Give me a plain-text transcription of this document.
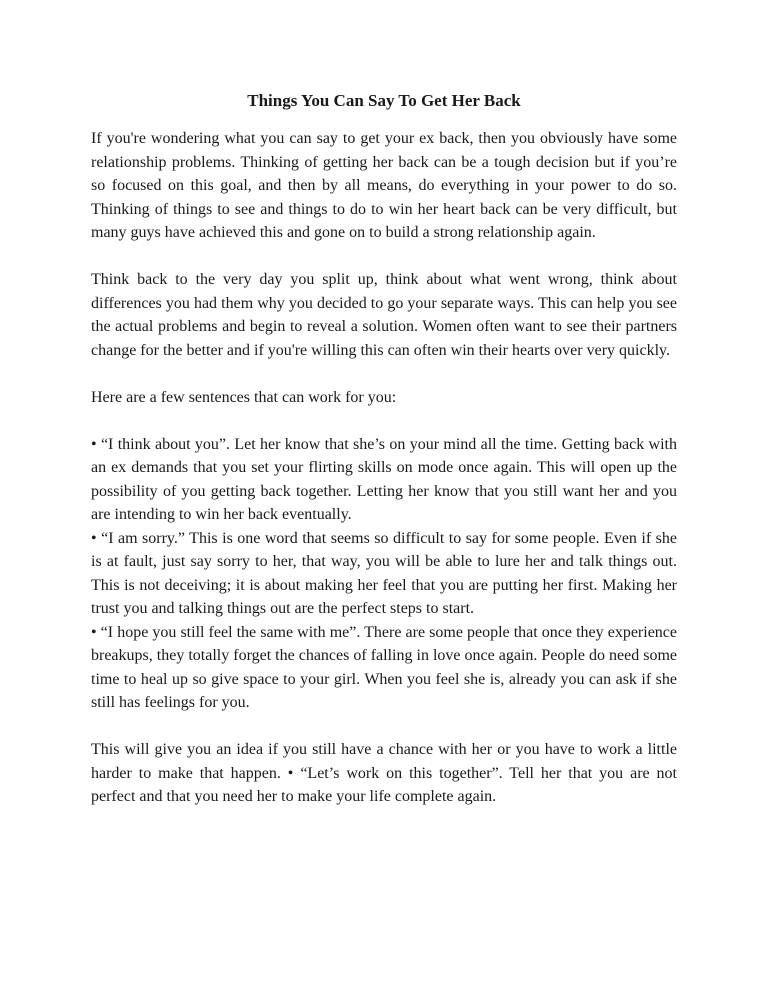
Things You Can Say To Get Her Back

If you're wondering what you can say to get your ex back, then you obviously have some relationship problems. Thinking of getting her back can be a tough decision but if you’re so focused on this goal, and then by all means, do everything in your power to do so. Thinking of things to see and things to do to win her heart back can be very difficult, but many guys have achieved this and gone on to build a strong relationship again.

Think back to the very day you split up, think about what went wrong, think about differences you had them why you decided to go your separate ways. This can help you see the actual problems and begin to reveal a solution. Women often want to see their partners change for the better and if you're willing this can often win their hearts over very quickly.

Here are a few sentences that can work for you:

• “I think about you”. Let her know that she’s on your mind all the time. Getting back with an ex demands that you set your flirting skills on mode once again. This will open up the possibility of you getting back together. Letting her know that you still want her and you are intending to win her back eventually.

• “I am sorry.” This is one word that seems so difficult to say for some people. Even if she is at fault, just say sorry to her, that way, you will be able to lure her and talk things out. This is not deceiving; it is about making her feel that you are putting her first. Making her trust you and talking things out are the perfect steps to start.

• “I hope you still feel the same with me”. There are some people that once they experience breakups, they totally forget the chances of falling in love once again. People do need some time to heal up so give space to your girl. When you feel she is, already you can ask if she still has feelings for you.

This will give you an idea if you still have a chance with her or you have to work a little harder to make that happen. • “Let’s work on this together”. Tell her that you are not perfect and that you need her to make your life complete again.
